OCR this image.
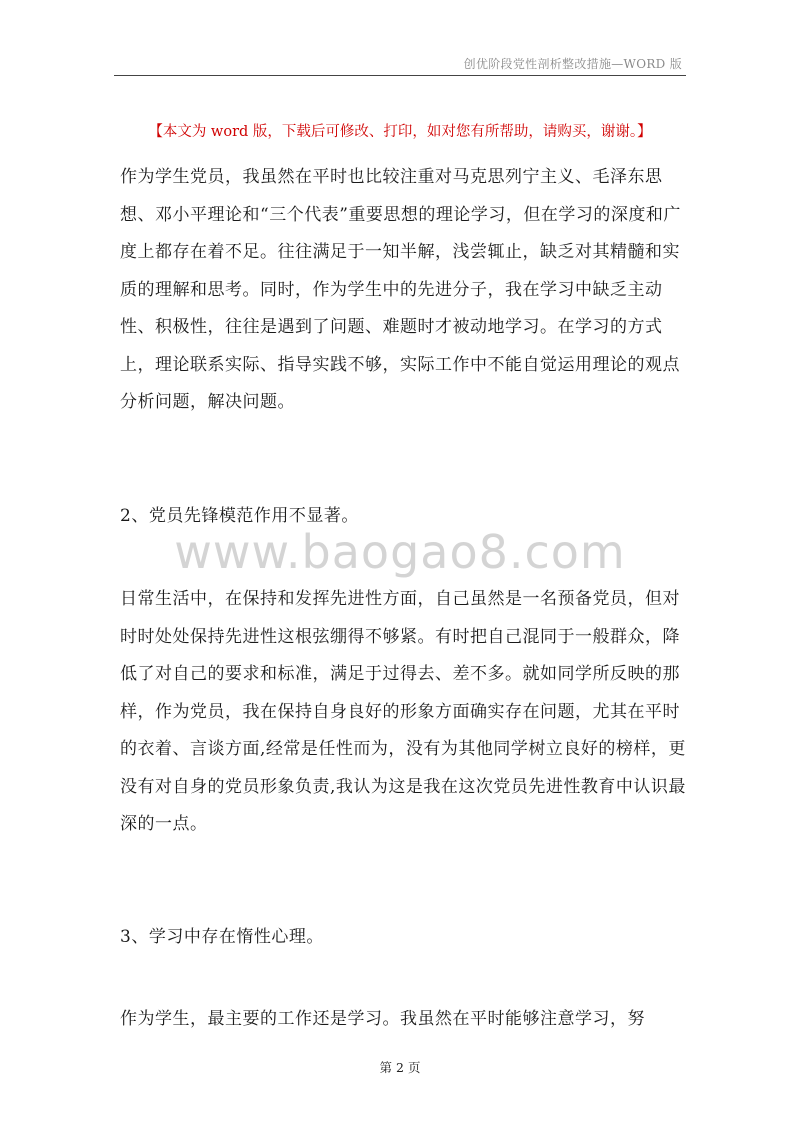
创优阶段党性剖析整改措施—WORD 版
【本文为 word 版，下载后可修改、打印，如对您有所帮助，请购买，谢谢。】

作为学生党员，我虽然在平时也比较注重对马克思列宁主义、毛泽东思想、邓小平理论和“三个代表”重要思想的理论学习，但在学习的深度和广度上都存在着不足。往往满足于一知半解，浅尝辄止，缺乏对其精髓和实质的理解和思考。同时，作为学生中的先进分子，我在学习中缺乏主动性、积极性，往往是遇到了问题、难题时才被动地学习。在学习的方式上，理论联系实际、指导实践不够，实际工作中不能自觉运用理论的观点分析问题，解决问题。

2、党员先锋模范作用不显著。

www.baogao8.com

日常生活中，在保持和发挥先进性方面，自己虽然是一名预备党员，但对时时处处保持先进性这根弦绷得不够紧。有时把自己混同于一般群众，降低了对自己的要求和标准，满足于过得去、差不多。就如同学所反映的那样，作为党员，我在保持自身良好的形象方面确实存在问题，尤其在平时的衣着、言谈方面,经常是任性而为，没有为其他同学树立良好的榜样，更没有对自身的党员形象负责,我认为这是我在这次党员先进性教育中认识最深的一点。

3、学习中存在惰性心理。

作为学生，最主要的工作还是学习。我虽然在平时能够注意学习，努

第 2 页
